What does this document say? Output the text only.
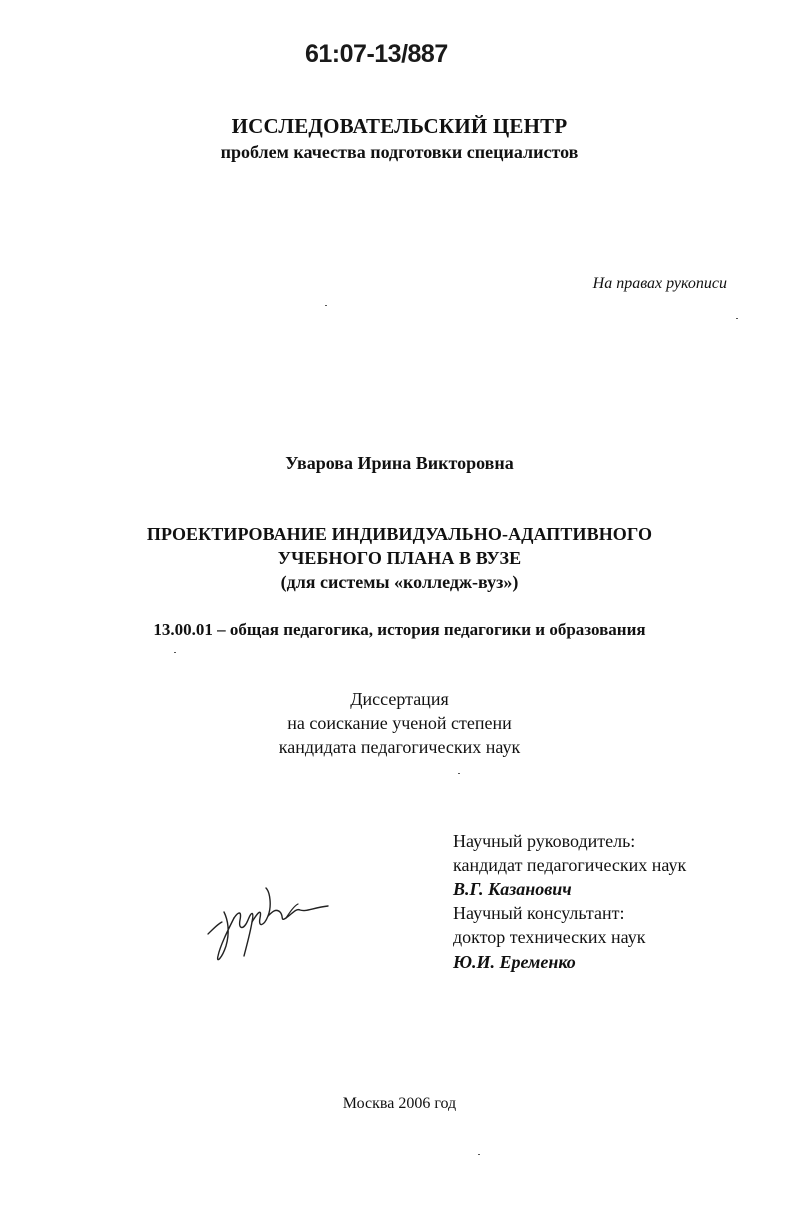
61:07-13/887
ИССЛЕДОВАТЕЛЬСКИЙ ЦЕНТР
проблем качества подготовки специалистов
На правах рукописи
Уварова Ирина Викторовна
ПРОЕКТИРОВАНИЕ ИНДИВИДУАЛЬНО-АДАПТИВНОГО
УЧЕБНОГО ПЛАНА В ВУЗЕ
(для системы «колледж-вуз»)
13.00.01 – общая педагогика, история педагогики и образования
Диссертация
на соискание ученой степени
кандидата педагогических наук
Научный руководитель:
кандидат педагогических наук
В.Г. Казанович
Научный консультант:
доктор технических наук
Ю.И. Еременко
Москва 2006 год
